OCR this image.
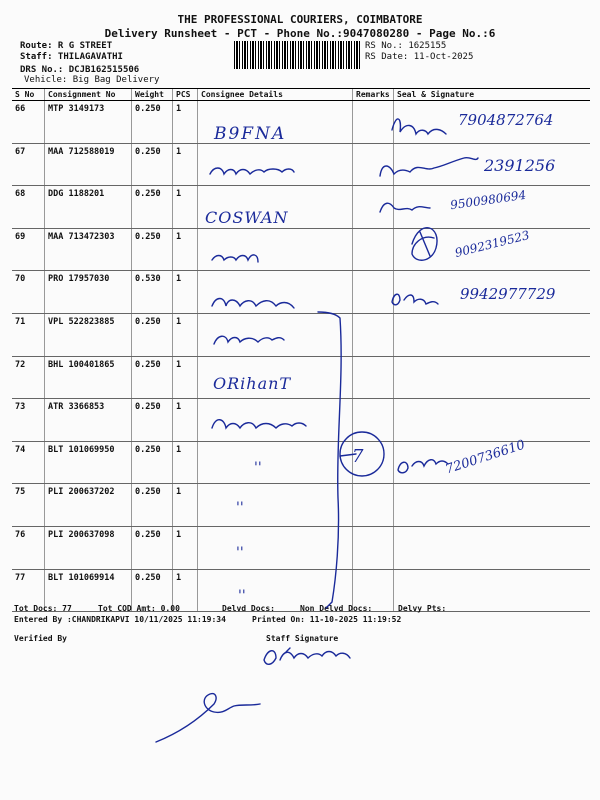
THE PROFESSIONAL COURIERS, COIMBATORE
Delivery Runsheet - PCT - Phone No.:9047080280 - Page No.:6
Route: R G STREET
Staff: THILAGAVATHI
DRS No.: DCJB162515506
Vehicle: Big Bag Delivery
RS No.: 1625155
RS Date: 11-Oct-2025
S No	Consignment No	Weight	PCS	Consignee Details	Remarks	Seal & Signature
66	MTP 3149173	0.250	1			
67	MAA 712588019	0.250	1			
68	DDG 1188201	0.250	1			
69	MAA 713472303	0.250	1			
70	PRO 17957030	0.530	1			
71	VPL 522823885	0.250	1			
72	BHL 100401865	0.250	1			
73	ATR 3366853	0.250	1			
74	BLT 101069950	0.250	1			
75	PLI 200637202	0.250	1			
76	PLI 200637098	0.250	1			
77	BLT 101069914	0.250	1			
Tot Docs: 77	Tot COD Amt: 0.00	Delvd Docs:	Non Delvd Docs:	Delvy Pts:
Entered By :CHANDRIKAPVI 10/11/2025 11:19:34	Printed On: 11-10-2025 11:19:52
Verified By	Staff Signature
B9FNA
COSWAN
ORihanT
7904872764
2391256
9500980694
9092319523
9942977729
7200736610
7
''
''
''
''
